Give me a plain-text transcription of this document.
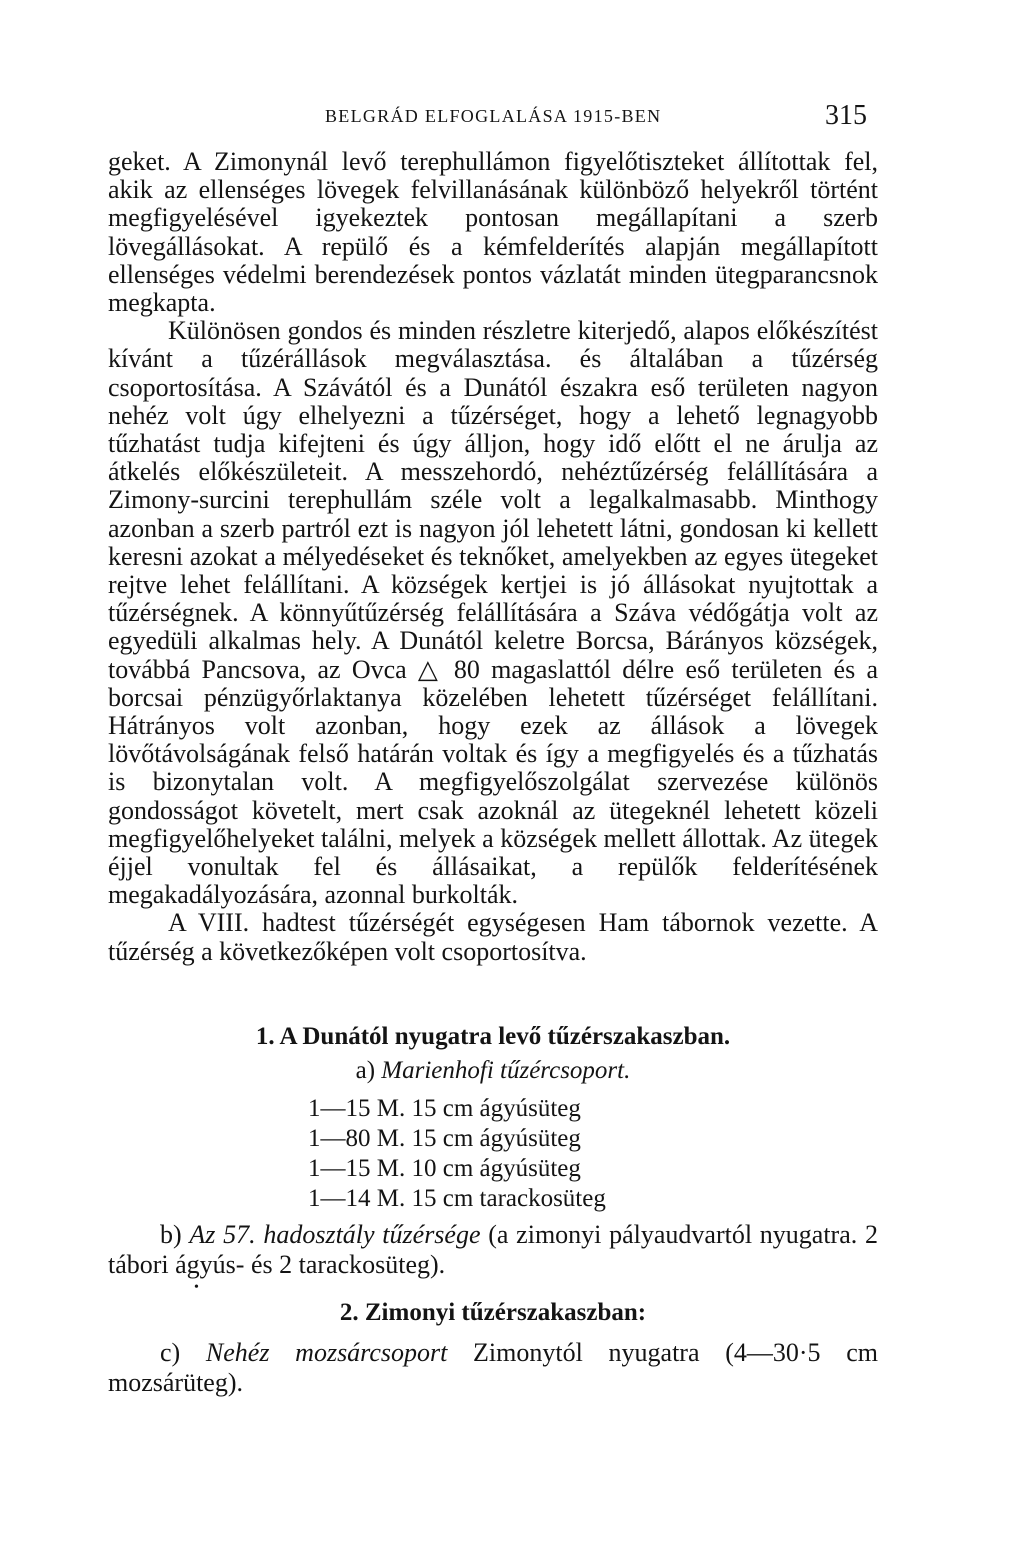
BELGRÁD ELFOGLALÁSA 1915-BEN	315

geket. A Zimonynál levő terephullámon figyelőtiszteket állítottak fel, akik az ellenséges lövegek felvillanásának különböző helyekről történt megfigyelésével igyekeztek pontosan megállapítani a szerb lövegállásokat. A repülő és a kémfelderítés alapján megállapított ellenséges védelmi berendezések pontos vázlatát minden ütegparancsnok megkapta.

Különösen gondos és minden részletre kiterjedő, alapos előkészítést kívánt a tűzérállások megválasztása. és általában a tűzérség csoportosítása. A Szávától és a Dunától északra eső területen nagyon nehéz volt úgy elhelyezni a tűzérséget, hogy a lehető legnagyobb tűzhatást tudja kifejteni és úgy álljon, hogy idő előtt el ne árulja az átkelés előkészületeit. A messzehordó, nehéztűzérség felállítására a Zimony-surcini terephullám széle volt a legalkalmasabb. Minthogy azonban a szerb partról ezt is nagyon jól lehetett látni, gondosan ki kellett keresni azokat a mélyedéseket és teknőket, amelyekben az egyes ütegeket rejtve lehet felállítani. A községek kertjei is jó állásokat nyujtottak a tűzérségnek. A könnyűtűzérség felállítására a Száva védőgátja volt az egyedüli alkalmas hely. A Dunától keletre Borcsa, Bárányos községek, továbbá Pancsova, az Ovca △ 80 magaslattól délre eső területen és a borcsai pénzügyőrlaktanya közelében lehetett tűzérséget felállítani. Hátrányos volt azonban, hogy ezek az állások a lövegek lövőtávolságának felső határán voltak és így a megfigyelés és a tűzhatás is bizonytalan volt. A megfigyelőszolgálat szervezése különös gondosságot követelt, mert csak azoknál az ütegeknél lehetett közeli megfigyelőhelyeket találni, melyek a községek mellett állottak. Az ütegek éjjel vonultak fel és állásaikat, a repülők felderítésének megakadályozására, azonnal burkolták.

A VIII. hadtest tűzérségét egységesen Ham tábornok vezette. A tűzérség a következőképen volt csoportosítva.

1. A Dunától nyugatra levő tűzérszakaszban.
a) Marienhofi tűzércsoport.
1—15 M. 15 cm ágyúsüteg
1—80 M. 15 cm ágyúsüteg
1—15 M. 10 cm ágyúsüteg
1—14 M. 15 cm tarackosüteg
b) Az 57. hadosztály tűzérsége (a zimonyi pályaudvartól nyugatra. 2 tábori ágyús- és 2 tarackosüteg).
•
2. Zimonyi tűzérszakaszban:
c) Nehéz mozsárcsoport Zimonytól nyugatra (4—30·5 cm mozsárüteg).
